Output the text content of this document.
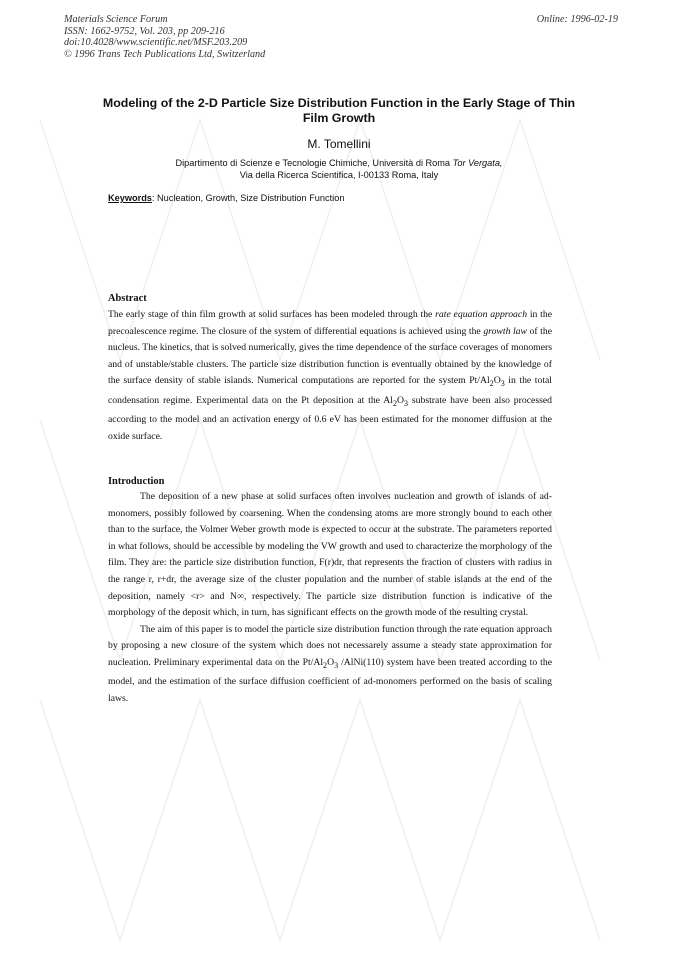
Materials Science Forum
ISSN: 1662-9752, Vol. 203, pp 209-216
doi:10.4028/www.scientific.net/MSF.203.209
© 1996 Trans Tech Publications Ltd, Switzerland
Online: 1996-02-19
Modeling of the 2-D Particle Size Distribution Function in the Early Stage of Thin Film Growth
M. Tomellini
Dipartimento di Scienze e Tecnologie Chimiche, Università di Roma Tor Vergata,
Via della Ricerca Scientifica, I-00133 Roma, Italy
Keywords: Nucleation, Growth, Size Distribution Function
Abstract

The early stage of thin film growth at solid surfaces has been modeled through the rate equation approach in the precoalescence regime. The closure of the system of differential equations is achieved using the growth law of the nucleus. The kinetics, that is solved numerically, gives the time dependence of the surface coverages of monomers and of unstable/stable clusters. The particle size distribution function is eventually obtained by the knowledge of the surface density of stable islands. Numerical computations are reported for the system $Pt/Al_2O_3$ in the total condensation regime. Experimental data on the Pt deposition at the $Al_2O_3$ substrate have been also processed according to the model and an activation energy of 0.6 eV has been estimated for the monomer diffusion at the oxide surface.

Introduction

The deposition of a new phase at solid surfaces often involves nucleation and growth of islands of ad-monomers, possibly followed by coarsening. When the condensing atoms are more strongly bound to each other than to the surface, the Volmer Weber growth mode is expected to occur at the substrate. The parameters reported in what follows, should be accessible by modeling the VW growth and used to characterize the morphology of the film. They are: the particle size distribution function, F(r)dr, that represents the fraction of clusters with radius in the range r, r+dr, the average size of the cluster population and the number of stable islands at the end of the deposition, namely <r> and N∞, respectively. The particle size distribution function is indicative of the morphology of the deposit which, in turn, has significant effects on the growth mode of the resulting crystal.

The aim of this paper is to model the particle size distribution function through the rate equation approach by proposing a new closure of the system which does not necessarely assume a steady state approximation for nucleation. Preliminary experimental data on the $Pt/Al_2O_3$ /AlNi(110) system have been treated according to the model, and the estimation of the surface diffusion coefficient of ad-monomers performed on the basis of scaling laws.
